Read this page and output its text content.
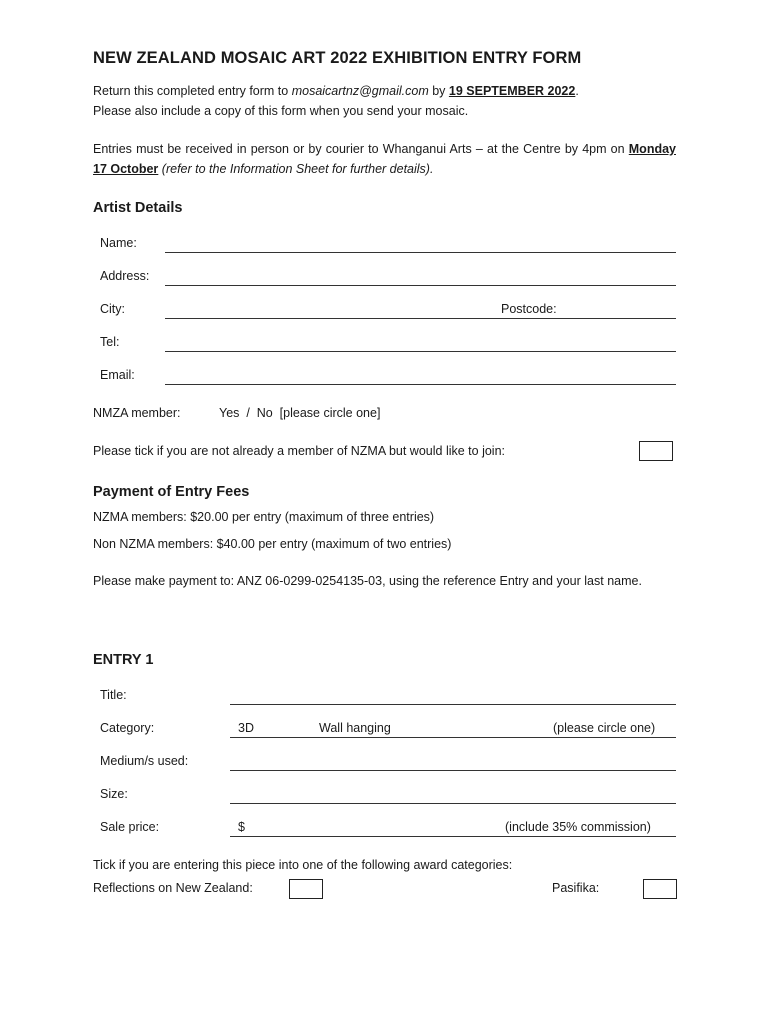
NEW ZEALAND MOSAIC ART 2022 EXHIBITION ENTRY FORM
Return this completed entry form to mosaicartnz@gmail.com by 19 SEPTEMBER 2022.
Please also include a copy of this form when you send your mosaic.
Entries must be received in person or by courier to Whanganui Arts – at the Centre by 4pm on Monday 17 October (refer to the Information Sheet for further details).
Artist Details
Name:
Address:
City:	Postcode:
Tel:
Email:
NMZA member:	Yes  /  No  [please circle one]
Please tick if you are not already a member of NZMA but would like to join:
Payment of Entry Fees
NZMA members: $20.00 per entry (maximum of three entries)
Non NZMA members: $40.00 per entry (maximum of two entries)
Please make payment to: ANZ 06-0299-0254135-03, using the reference Entry and your last name.
ENTRY 1
Title:
Category:	3D	Wall hanging	(please circle one)
Medium/s used:
Size:
Sale price:	$	(include 35% commission)
Tick if you are entering this piece into one of the following award categories:
Reflections on New Zealand:	Pasifika:
